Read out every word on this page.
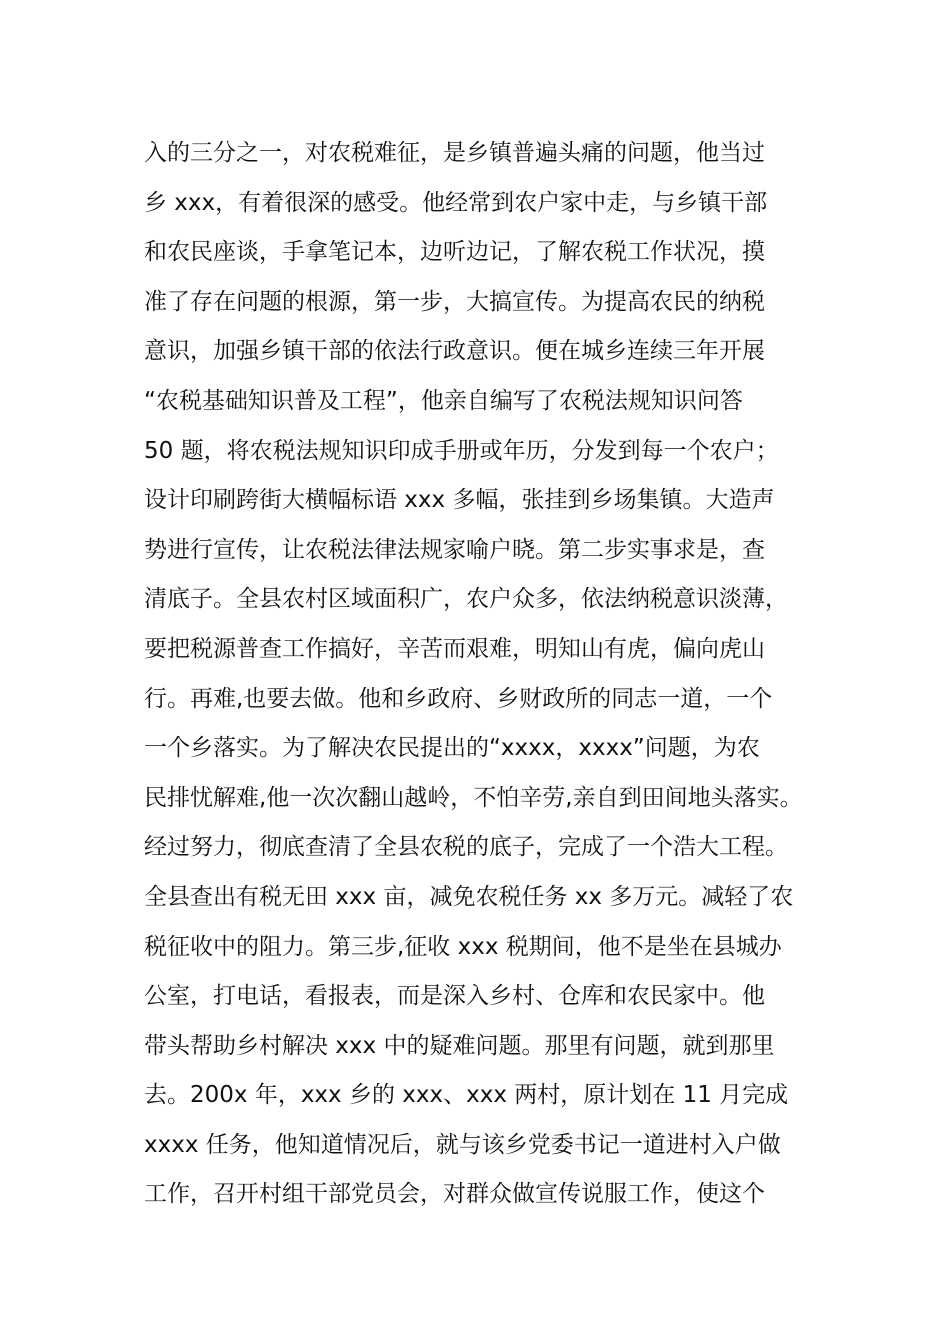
入的三分之一，对农税难征，是乡镇普遍头痛的问题，他当过
乡 xxx，有着很深的感受。他经常到农户家中走，与乡镇干部
和农民座谈，手拿笔记本，边听边记，了解农税工作状况，摸
准了存在问题的根源，第一步，大搞宣传。为提高农民的纳税
意识，加强乡镇干部的依法行政意识。便在城乡连续三年开展
“农税基础知识普及工程”，他亲自编写了农税法规知识问答
50 题，将农税法规知识印成手册或年历，分发到每一个农户；
设计印刷跨街大横幅标语 xxx 多幅，张挂到乡场集镇。大造声
势进行宣传，让农税法律法规家喻户晓。第二步实事求是，查
清底子。全县农村区域面积广，农户众多，依法纳税意识淡薄，
要把税源普查工作搞好，辛苦而艰难，明知山有虎，偏向虎山
行。再难,也要去做。他和乡政府、乡财政所的同志一道，一个
一个乡落实。为了解决农民提出的“xxxx，xxxx”问题，为农
民排忧解难,他一次次翻山越岭，不怕辛劳,亲自到田间地头落实。
经过努力，彻底查清了全县农税的底子，完成了一个浩大工程。
全县查出有税无田 xxx 亩，减免农税任务 xx 多万元。减轻了农
税征收中的阻力。第三步,征收 xxx 税期间，他不是坐在县城办
公室，打电话，看报表，而是深入乡村、仓库和农民家中。他
带头帮助乡村解决 xxx 中的疑难问题。那里有问题，就到那里
去。200x 年，xxx 乡的 xxx、xxx 两村，原计划在 11 月完成
xxxx 任务，他知道情况后，就与该乡党委书记一道进村入户做
工作，召开村组干部党员会，对群众做宣传说服工作，使这个
